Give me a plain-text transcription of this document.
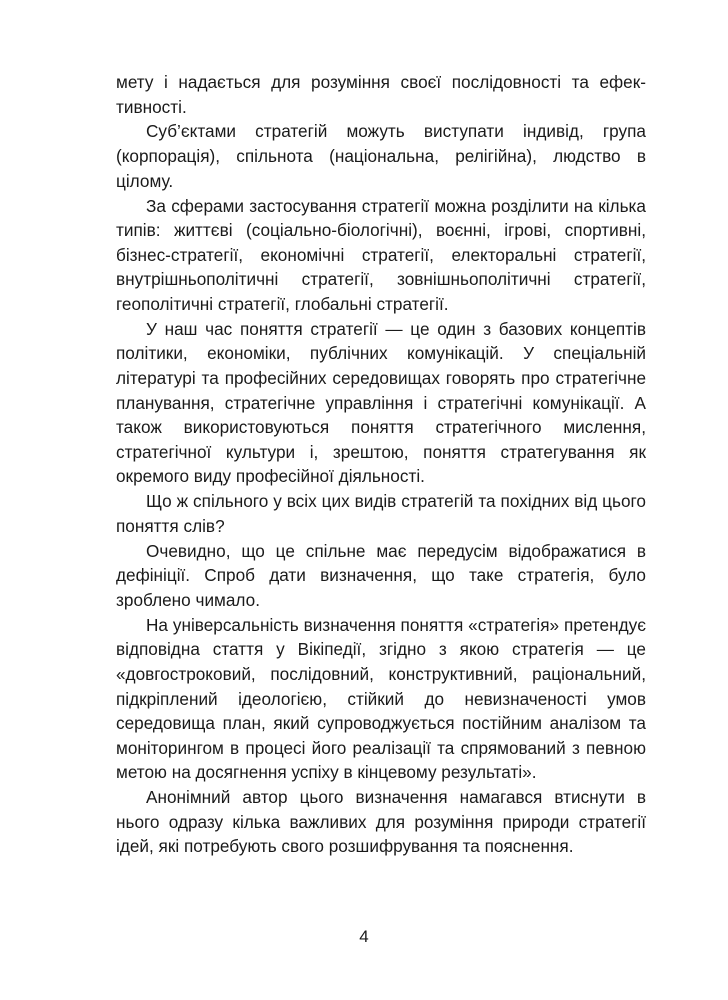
мету і надається для розуміння своєї послідовності та ефективності.

Суб’єктами стратегій можуть виступати індивід, група (корпорація), спільнота (національна, релігійна), людство в цілому.

За сферами застосування стратегії можна розділити на кілька типів: життєві (соціально-біологічні), воєнні, ігрові, спортивні, бізнес-стратегії, економічні стратегії, електоральні стратегії, внутрішньополітичні стратегії, зовнішньополітичні стратегії, геополітичні стратегії, глобальні стратегії.

У наш час поняття стратегії — це один з базових концептів політики, економіки, публічних комунікацій. У спеціальній літературі та професійних середовищах говорять про стратегічне планування, стратегічне управління і стратегічні комунікації. А також використовуються поняття стратегічного мислення, стратегічної культури і, зрештою, поняття стратегування як окремого виду професійної діяльності.

Що ж спільного у всіх цих видів стратегій та похідних від цього поняття слів?

Очевидно, що це спільне має передусім відображатися в дефініції. Спроб дати визначення, що таке стратегія, було зроблено чимало.

На універсальність визначення поняття «стратегія» претендує відповідна стаття у Вікіпедії, згідно з якою стратегія — це «довгостроковий, послідовний, конструктивний, раціональний, підкріплений ідеологією, стійкий до невизначеності умов середовища план, який супроводжується постійним аналізом та моніторингом в процесі його реалізації та спрямований з певною метою на досягнення успіху в кінцевому результаті».

Анонімний автор цього визначення намагався втиснути в нього одразу кілька важливих для розуміння природи стратегії ідей, які потребують свого розшифрування та пояснення.

4
